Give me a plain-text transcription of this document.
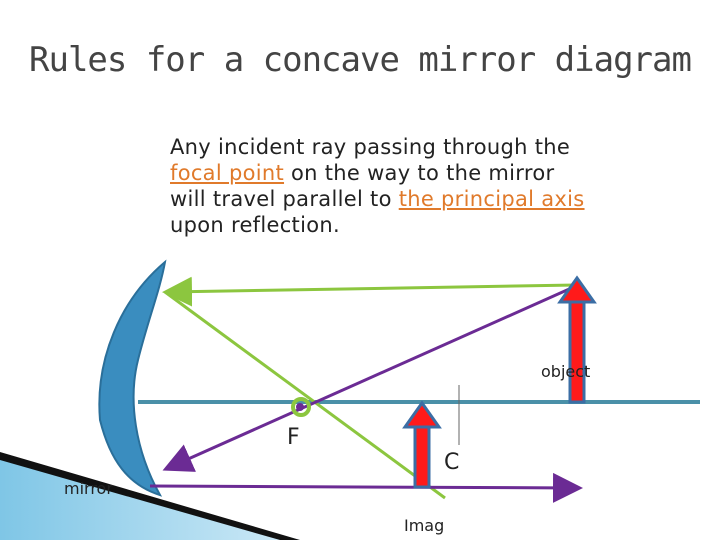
Rules for a concave mirror diagram
Any incident ray passing through the focal point on the way to the mirror will travel parallel to the principal axis upon reflection.
object
F
C
mirror
Imag
